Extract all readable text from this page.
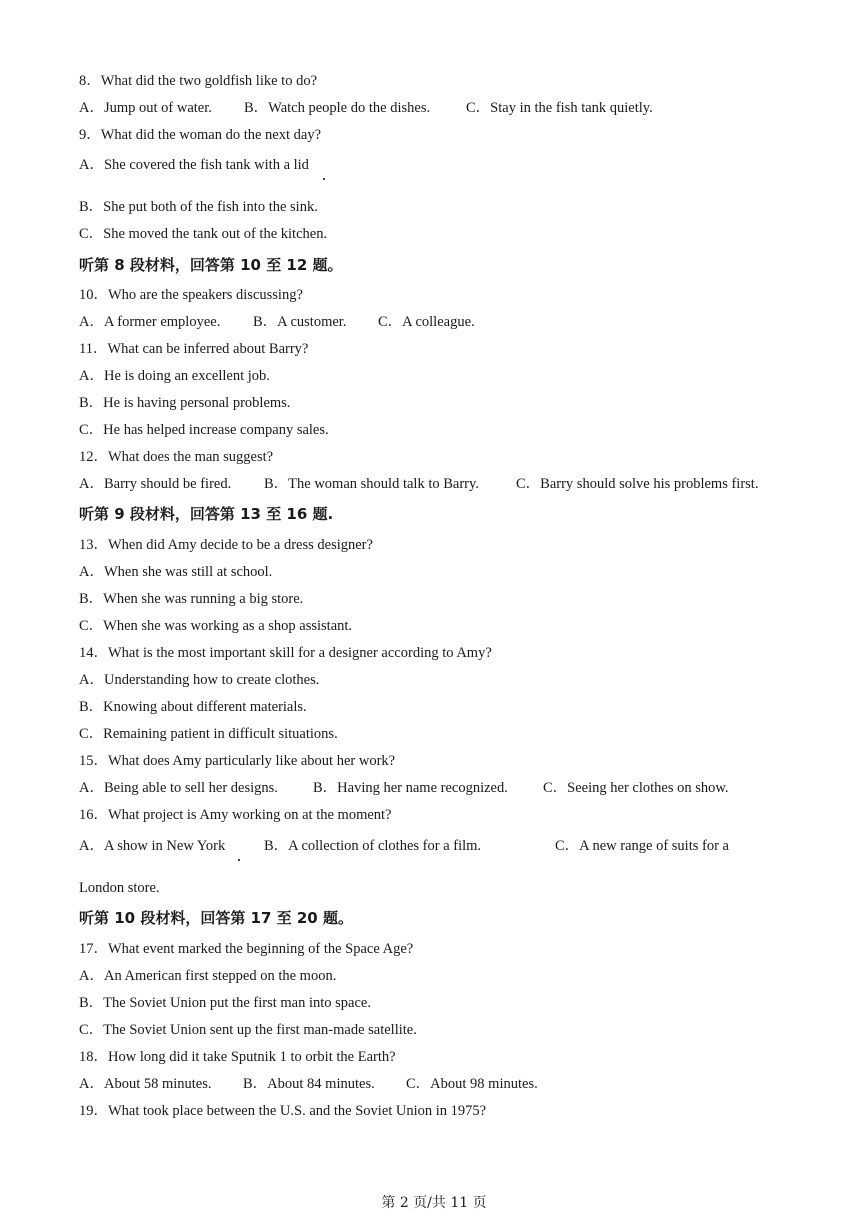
8．What did the two goldfish like to do?
A．Jump out of water. B．Watch people do the dishes. C．Stay in the fish tank quietly.
9．What did the woman do the next day?
A．She covered the fish tank with a lid
B．She put both of the fish into the sink.
C．She moved the tank out of the kitchen.
听第 8 段材料，回答第 10 至 12 题。
10．Who are the speakers discussing?
A．A former employee. B．A customer. C．A colleague.
11．What can be inferred about Barry?
A．He is doing an excellent job.
B．He is having personal problems.
C．He has helped increase company sales.
12．What does the man suggest?
A．Barry should be fired. B．The woman should talk to Barry.	C．Barry should solve his problems first.
听第 9 段材料，回答第 13 至 16 题.
13．When did Amy decide to be a dress designer?
A．When she was still at school.
B．When she was running a big store.
C．When she was working as a shop assistant.
14．What is the most important skill for a designer according to Amy?
A．Understanding how to create clothes.
B．Knowing about different materials.
C．Remaining patient in difficult situations.
15．What does Amy particularly like about her work?
A．Being able to sell her designs. B．Having her name recognized. C．Seeing her clothes on show.
16．What project is Amy working on at the moment?
A．A show in New York	B．A collection of clothes for a film.	C．A new range of suits for a
London store.
听第 10 段材料，回答第 17 至 20 题。
17．What event marked the beginning of the Space Age?
A．An American first stepped on the moon.
B．The Soviet Union put the first man into space.
C．The Soviet Union sent up the first man-made satellite.
18．How long did it take Sputnik 1 to orbit the Earth?
A．About 58 minutes. B．About 84 minutes. C．About 98 minutes.
19．What took place between the U.S. and the Soviet Union in 1975?
第 2 页/共 11 页
